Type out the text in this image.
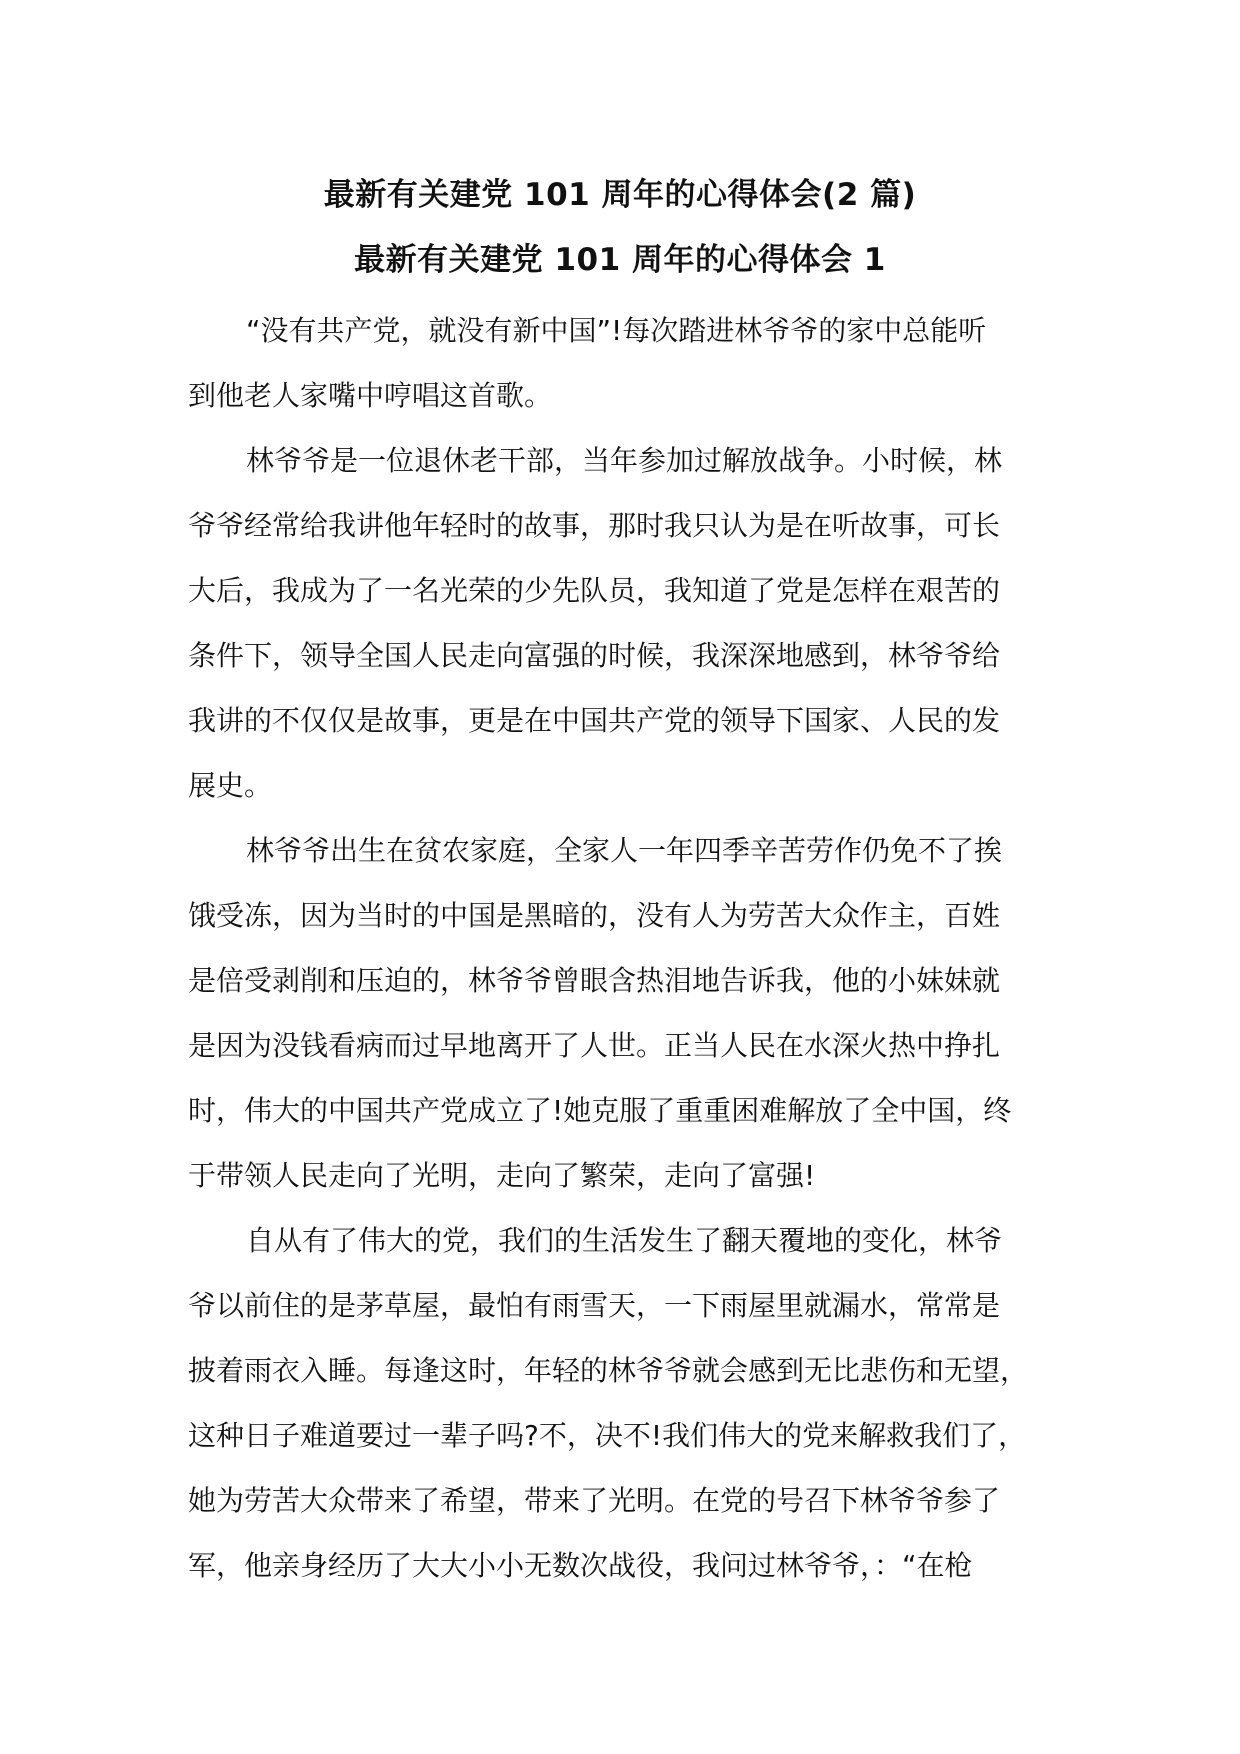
最新有关建党 101 周年的心得体会(2 篇)
最新有关建党 101 周年的心得体会 1
“没有共产党，就没有新中国”!每次踏进林爷爷的家中总能听
到他老人家嘴中哼唱这首歌。
林爷爷是一位退休老干部，当年参加过解放战争。小时候，林
爷爷经常给我讲他年轻时的故事，那时我只认为是在听故事，可长
大后，我成为了一名光荣的少先队员，我知道了党是怎样在艰苦的
条件下，领导全国人民走向富强的时候，我深深地感到，林爷爷给
我讲的不仅仅是故事，更是在中国共产党的领导下国家、人民的发
展史。
林爷爷出生在贫农家庭，全家人一年四季辛苦劳作仍免不了挨
饿受冻，因为当时的中国是黑暗的，没有人为劳苦大众作主，百姓
是倍受剥削和压迫的，林爷爷曾眼含热泪地告诉我，他的小妹妹就
是因为没钱看病而过早地离开了人世。正当人民在水深火热中挣扎
时，伟大的中国共产党成立了!她克服了重重困难解放了全中国，终
于带领人民走向了光明，走向了繁荣，走向了富强!
自从有了伟大的党，我们的生活发生了翻天覆地的变化，林爷
爷以前住的是茅草屋，最怕有雨雪天，一下雨屋里就漏水，常常是
披着雨衣入睡。每逢这时，年轻的林爷爷就会感到无比悲伤和无望，
这种日子难道要过一辈子吗?不，决不!我们伟大的党来解救我们了，
她为劳苦大众带来了希望，带来了光明。在党的号召下林爷爷参了
军，他亲身经历了大大小小无数次战役，我问过林爷爷，：“在枪
